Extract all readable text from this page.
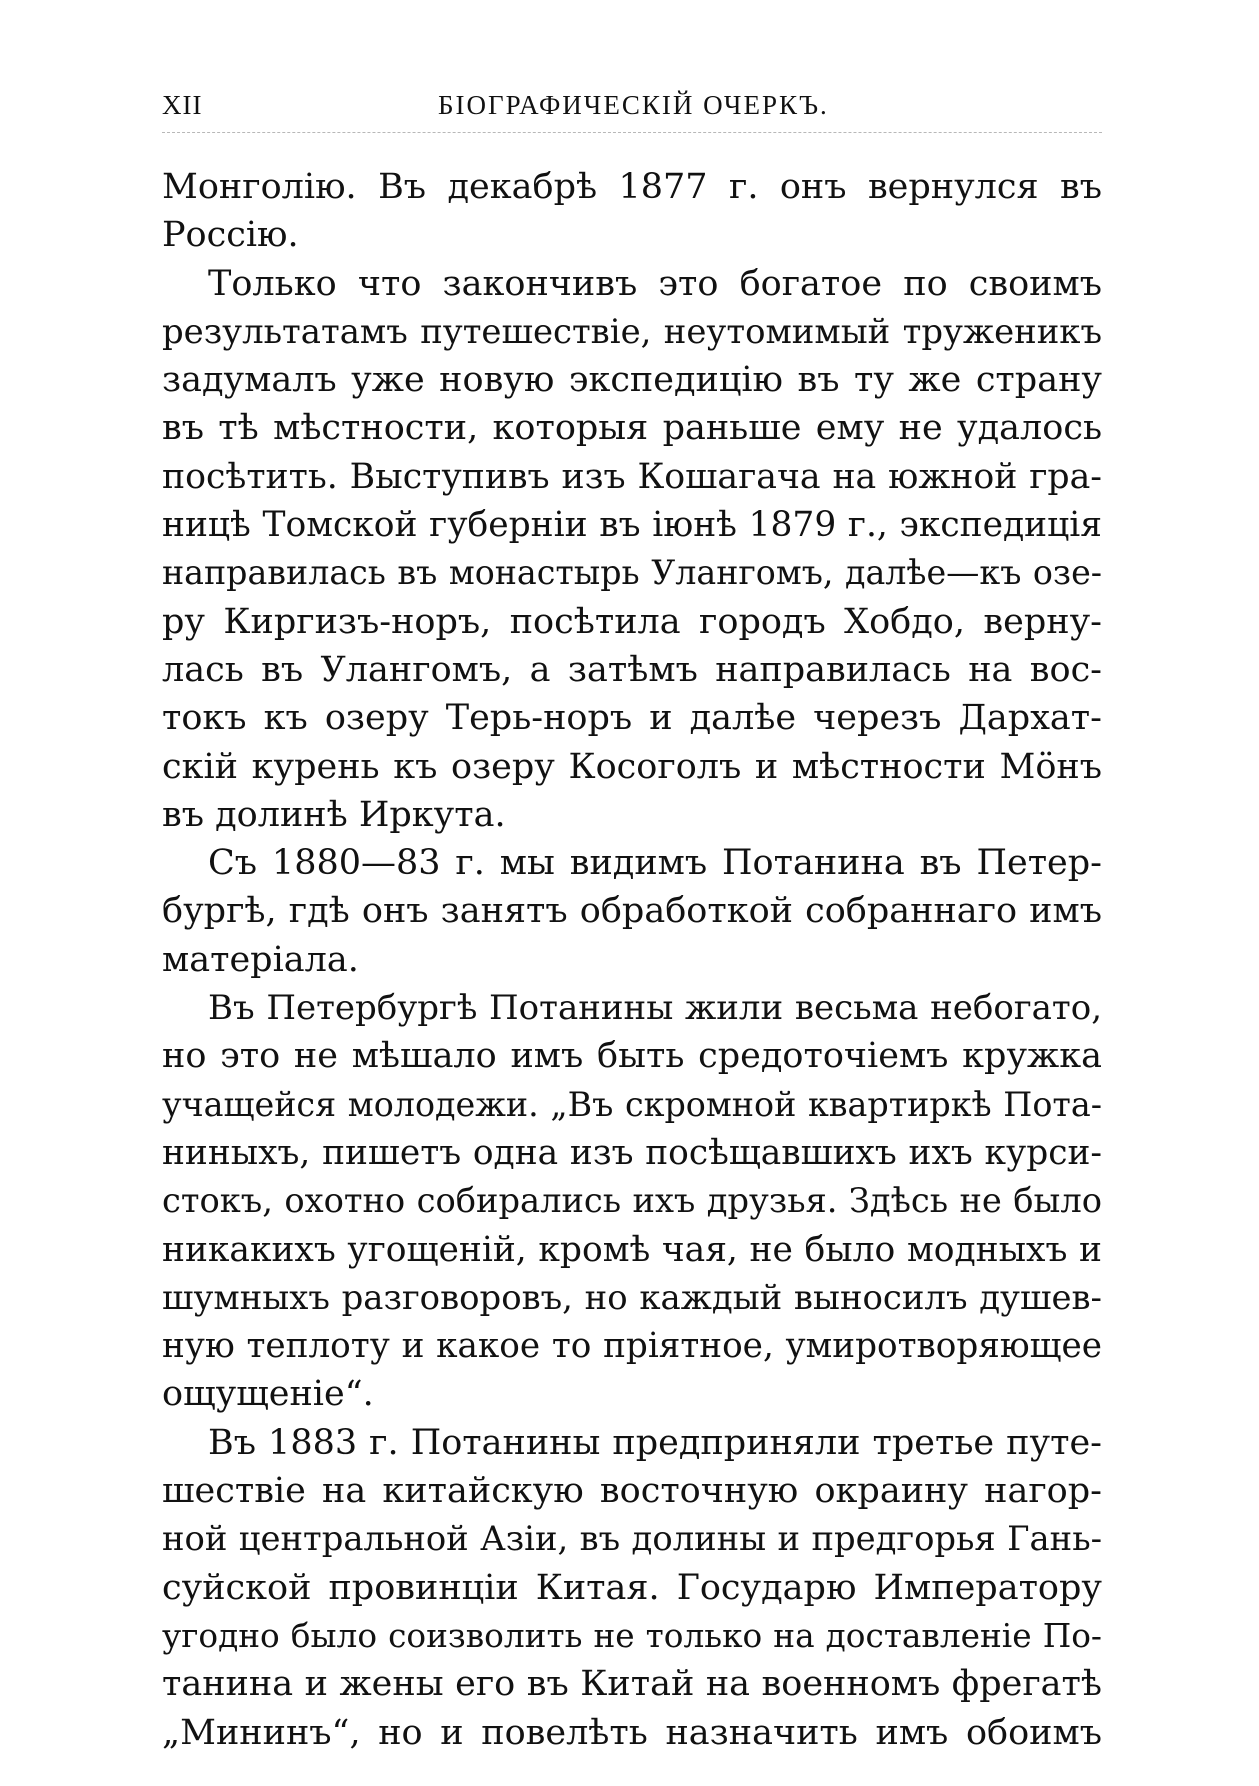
XII	БІОГРАФИЧЕСКІЙ ОЧЕРКЪ.
Монголію. Въ декабрѣ 1877 г. онъ вернулся въ
Россію.
Только что закончивъ это богатое по своимъ
результатамъ путешествіе, неутомимый труженикъ
задумалъ уже новую экспедицію въ ту же страну
въ тѣ мѣстности, которыя раньше ему не удалось
посѣтить. Выступивъ изъ Кошагача на южной гра-
ницѣ Томской губерніи въ іюнѣ 1879 г., экспедиція
направилась въ монастырь Улангомъ, далѣе—къ озе-
ру Киргизъ-норъ, посѣтила городъ Хобдо, верну-
лась въ Улангомъ, а затѣмъ направилась на вос-
токъ къ озеру Терь-норъ и далѣе черезъ Дархат-
скій курень къ озеру Косоголъ и мѣстности Мӧнъ
въ долинѣ Иркута.
Съ 1880—83 г. мы видимъ Потанина въ Петер-
бургѣ, гдѣ онъ занятъ обработкой собраннаго имъ
матеріала.
Въ Петербургѣ Потанины жили весьма небогато,
но это не мѣшало имъ быть средоточіемъ кружка
учащейся молодежи. „Въ скромной квартиркѣ Пота-
ниныхъ, пишетъ одна изъ посѣщавшихъ ихъ курси-
стокъ, охотно собирались ихъ друзья. Здѣсь не было
никакихъ угощеній, кромѣ чая, не было модныхъ и
шумныхъ разговоровъ, но каждый выносилъ душев-
ную теплоту и какое то пріятное, умиротворяющее
ощущеніе“.
Въ 1883 г. Потанины предприняли третье путе-
шествіе на китайскую восточную окраину нагор-
ной центральной Азіи, въ долины и предгорья Гань-
суйской провинціи Китая. Государю Императору
угодно было соизволить не только на доставленіе По-
танина и жены его въ Китай на военномъ фрегатѣ
„Мининъ“, но и повелѣть назначить имъ обоимъ
